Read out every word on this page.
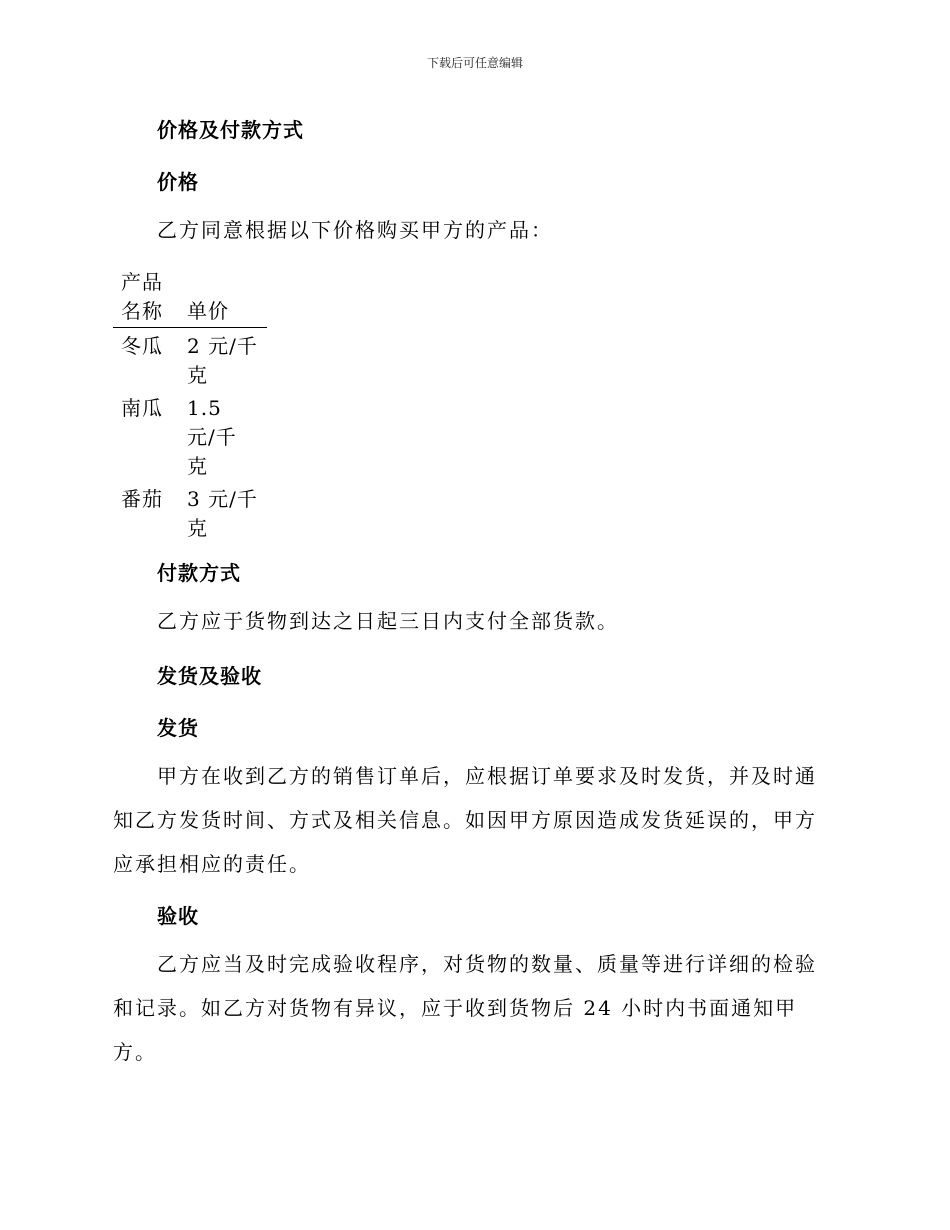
下载后可任意编辑
价格及付款方式
价格
乙方同意根据以下价格购买甲方的产品：
产品名称	单价

冬瓜	2 元/千克

南瓜	1.5 元/千克

番茄	3 元/千克
付款方式
乙方应于货物到达之日起三日内支付全部货款。
发货及验收
发货
甲方在收到乙方的销售订单后，应根据订单要求及时发货，并及时通知乙方发货时间、方式及相关信息。如因甲方原因造成发货延误的，甲方应承担相应的责任。
验收
乙方应当及时完成验收程序，对货物的数量、质量等进行详细的检验和记录。如乙方对货物有异议，应于收到货物后 24 小时内书面通知甲方。
